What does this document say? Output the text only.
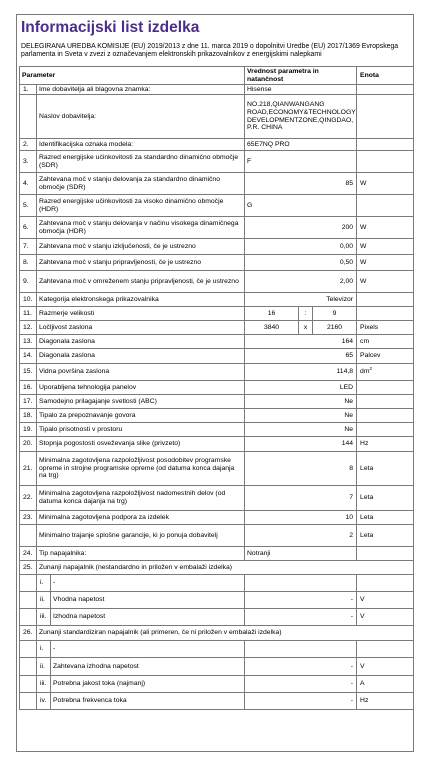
Informacijski list izdelka
DELEGIRANA UREDBA KOMISIJE (EU) 2019/2013 z dne 11. marca 2019 o dopolnitvi Uredbe (EU) 2017/1369 Evropskega parlamenta in Sveta v zvezi z označevanjem elektronskih prikazovalnikov z energijskimi nalepkami
Parameter			Vrednost parametra in natančnost			Enota
1.	Ime dobavitelja ali blagovna znamka:		Hisense			
	Naslov dobavitelja:		NO.218,QIANWANGANG ROAD,ECONOMY&TECHNOLOGY DEVELOPMENTZONE,QINGDAO, P.R. CHINA			
2.	Identifikacijska oznaka modela:		65E7NQ PRO			
3.	Razred energijske učinkovitosti za standardno dinamično območje (SDR)		F			
4.	Zahtevana moč v stanju delovanja za standardno dinamično območje (SDR)		85			W
5.	Razred energijske učinkovitosti za visoko dinamično območje (HDR)		G			
6.	Zahtevana moč v stanju delovanja v načinu visokega dinamičnega območja (HDR)		200			W
7.	Zahtevana moč v stanju izključenosti, če je ustrezno		0,00			W
8.	Zahtevana moč v stanju pripravljenosti, če je ustrezno		0,50			W
9.	Zahtevana moč v omreženem stanju pripravljenosti, če je ustrezno		2,00			W
10.	Kategorija elektronskega prikazovalnika		Televizor			
11.	Razmerje velikosti		16	:	9	
12.	Ločljivost zaslona		3840	x	2160	Pixels
13.	Diagonala zaslona		164			cm
14.	Diagonala zaslona		65			Palcev
15.	Vidna površina zaslona		114,8			$dm^2$
16.	Uporabljena tehnologija panelov		LED			
17.	Samodejno prilagajanje svetlosti (ABC)		Ne			
18.	Tipalo za prepoznavanje govora		Ne			
19.	Tipalo prisotnosti v prostoru		Ne			
20.	Stopnja pogostosti osveževanja slike (privzeto)		144			Hz
21.	Minimalna zagotovljena razpoložljivost posodobitev programske opreme in strojne programske opreme (od datuma konca dajanja na trg)		8			Leta
22.	Minimalna zagotovljena razpoložljivost nadomestnih delov (od datuma konca dajanja na trg)		7			Leta
23.	Minimalna zagotovljena podpora za izdelek		10			Leta
	Minimalno trajanje splošne garancije, ki jo ponuja dobavitelj		2			Leta
24.	Tip napajalnika:		Notranji			
25.	Zunanji napajalnik (nestandardno in priložen v embalaži izdelka)					
	i.	-				
	ii.	Vhodna napetost	-			V
	iii.	Izhodna napetost	-			V
26.	Zunanji standardiziran napajalnik (ali primeren, če ni priložen v embalaži izdelka)					
	i.	-				
	ii.	Zahtevana izhodna napetost	-			V
	iii.	Potrebna jakost toka (najmanj)	-			A
	iv.	Potrebna frekvenca toka	-			Hz
